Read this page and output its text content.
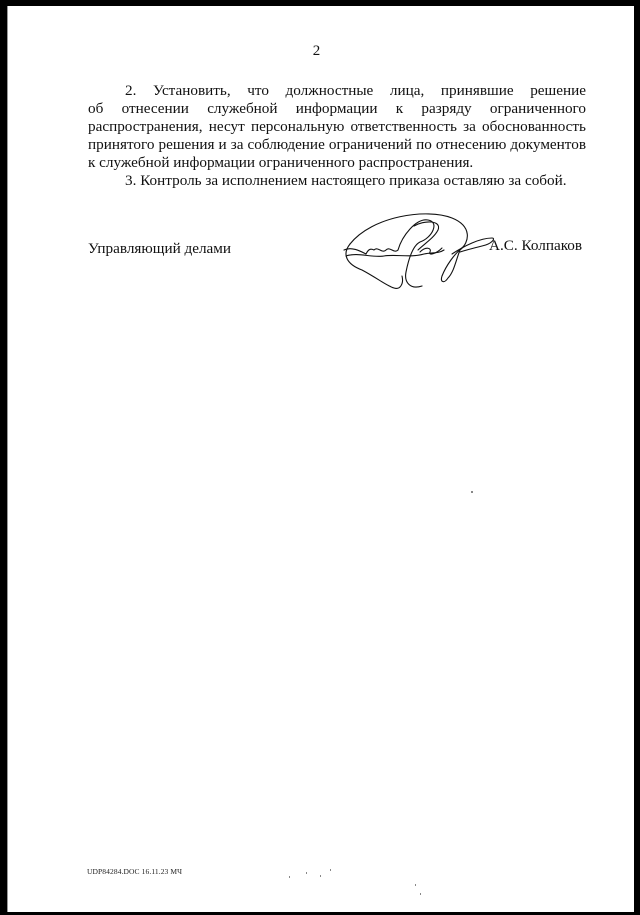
2
2. Установить, что должностные лица, принявшие решение
об отнесении служебной информации к разряду ограниченного
распространения, несут персональную ответственность за обоснованность
принятого решения и за соблюдение ограничений по отнесению документов
к служебной информации ограниченного распространения.

3. Контроль за исполнением настоящего приказа оставляю за собой.

Управляющий делами	А.С. Колпаков
UDP84284.DOC 16.11.23 МЧ
